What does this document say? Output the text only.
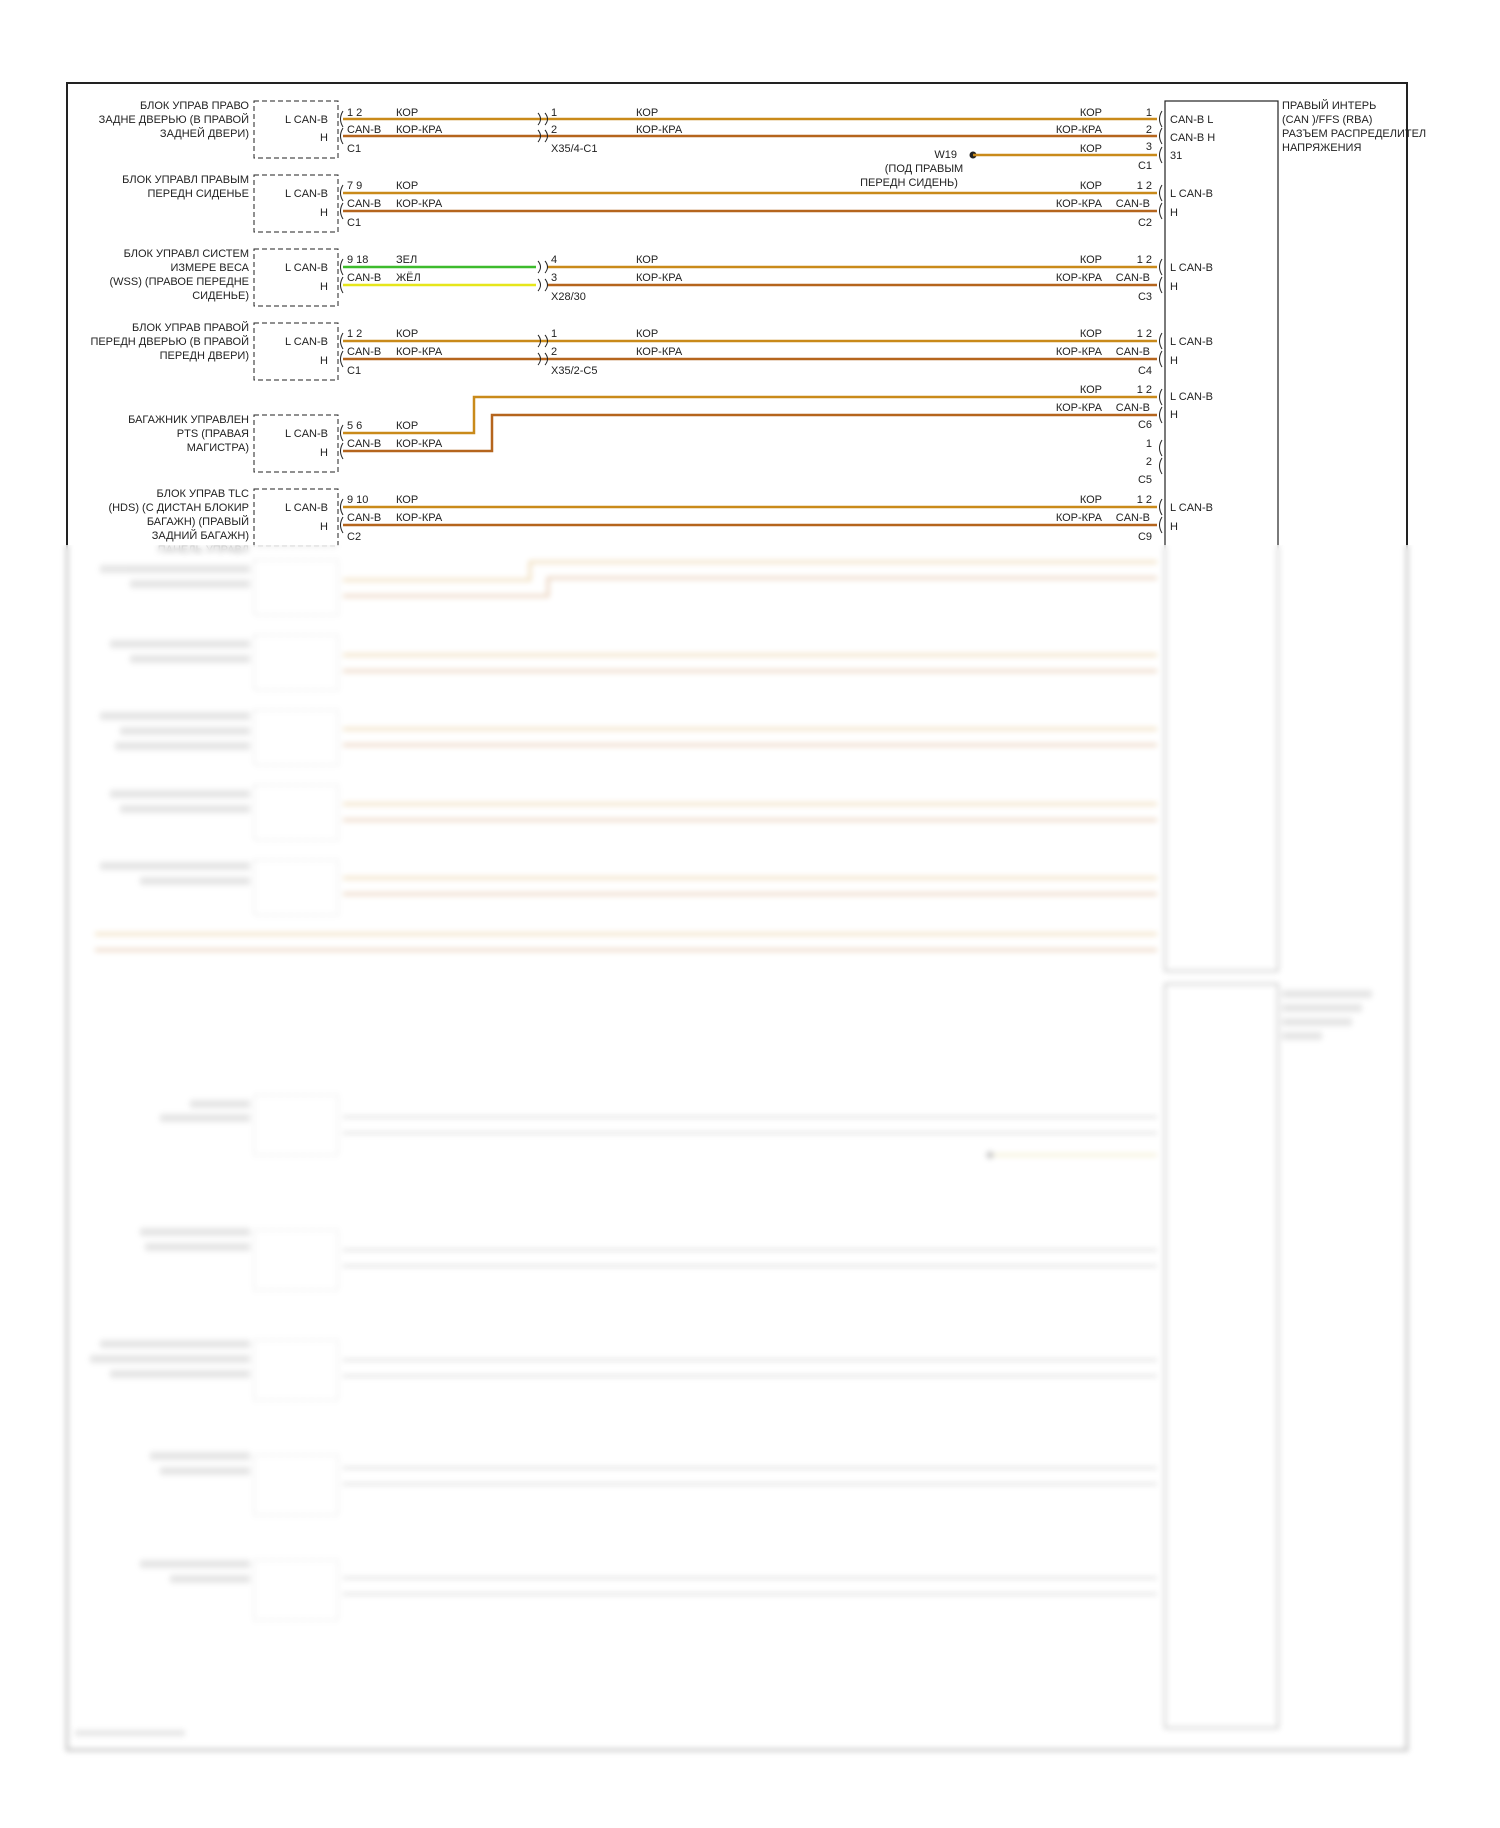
ПРАВЫЙ ИНТЕРЬ
(CAN )/FFS (RBA)
РАЗЪЕМ РАСПРЕДЕЛИТЕЛ
НАПРЯЖЕНИЯ
БЛОК УПРАВ ПРАВО
ЗАДНЕ ДВЕРЬЮ (В ПРАВОЙ
ЗАДНЕЙ ДВЕРИ)
L CAN-B
H
1 2
CAN-B
C1
КОР
КОР-КРА
1
2
X35/4-C1
КОР
КОР-КРА
КОР
КОР-КРА
1
2
CAN-B L
CAN-B H
W19
(ПОД ПРАВЫМ
ПЕРЕДН СИДЕНЬ)
КОР	3
31
C1
БЛОК УПРАВЛ ПРАВЫМ
ПЕРЕДН СИДЕНЬЕ	L CAN-B
H
7 9
CAN-B
C1
КОР
КОР-КРА
КОР
КОР-КРА
1 2
CAN-B
C2
L CAN-B
H
БЛОК УПРАВЛ СИСТЕМ
ИЗМЕРЕ ВЕСА
(WSS) (ПРАВОЕ ПЕРЕДНЕ
СИДЕНЬЕ)
L CAN-B
H
9 18
CAN-B
ЗЕЛ
ЖЁЛ
4
3
X28/30
КОР
КОР-КРА
КОР
КОР-КРА
1 2
CAN-B
C3
L CAN-B
H
БЛОК УПРАВ ПРАВОЙ
ПЕРЕДН ДВЕРЬЮ (В ПРАВОЙ
ПЕРЕДН ДВЕРИ)
L CAN-B
H
1 2
CAN-B
C1
КОР
КОР-КРА
1
2
X35/2-C5
КОР
КОР-КРА
КОР
КОР-КРА
1 2
CAN-B
C4
L CAN-B
H
БАГАЖНИК УПРАВЛЕН
PTS (ПРАВАЯ
МАГИСТРА)
L CAN-B
H
5 6
CAN-B
КОР
КОР-КРА
КОР
КОР-КРА
1 2
CAN-B
C6
L CAN-B
H
1
2
C5
БЛОК УПРАВ TLC
(HDS) (С ДИСТАН БЛОКИР
БАГАЖН) (ПРАВЫЙ
ЗАДНИЙ БАГАЖН)
L CAN-B
H
9 10
CAN-B
C2
КОР
КОР-КРА
КОР
КОР-КРА
1 2
CAN-B
C9
L CAN-B
H
